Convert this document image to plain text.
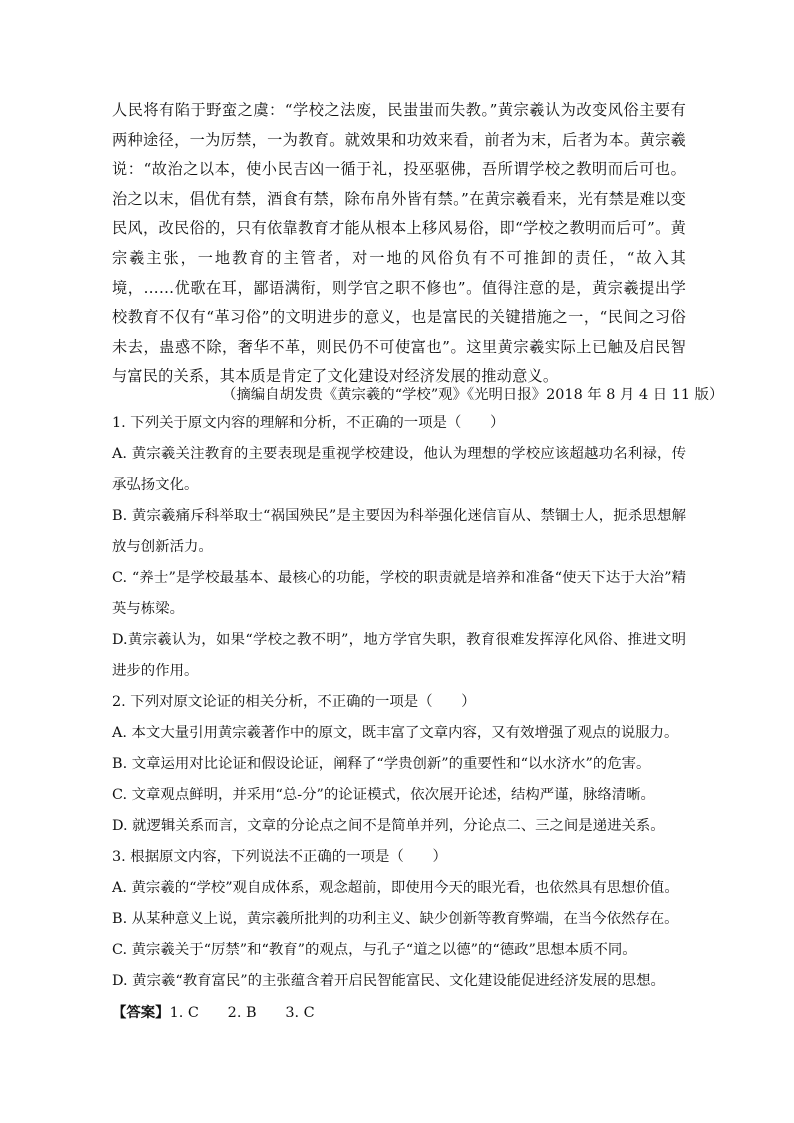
人民将有陷于野蛮之虞：“学校之法废，民蚩蚩而失教。”黄宗羲认为改变风俗主要有两种途径，一为厉禁，一为教育。就效果和功效来看，前者为末，后者为本。黄宗羲说：“故治之以本，使小民吉凶一循于礼，投巫驱佛，吾所谓学校之教明而后可也。治之以末，倡优有禁，酒食有禁，除布帛外皆有禁。”在黄宗羲看来，光有禁是难以变民风，改民俗的，只有依靠教育才能从根本上移风易俗，即“学校之教明而后可”。黄宗羲主张，一地教育的主管者，对一地的风俗负有不可推卸的责任，“故入其境，……优歌在耳，鄙语满衔，则学官之职不修也”。值得注意的是，黄宗羲提出学校教育不仅有“革习俗”的文明进步的意义，也是富民的关键措施之一，“民间之习俗未去，蛊惑不除，奢华不革，则民仍不可使富也”。这里黄宗羲实际上已触及启民智与富民的关系，其本质是肯定了文化建设对经济发展的推动意义。

（摘编自胡发贵《黄宗羲的“学校”观》《光明日报》2018 年 8 月 4 日 11 版）

1. 下列关于原文内容的理解和分析，不正确的一项是（　　）

A. 黄宗羲关注教育的主要表现是重视学校建设，他认为理想的学校应该超越功名利禄，传承弘扬文化。

B. 黄宗羲痛斥科举取士“祸国殃民”是主要因为科举强化迷信盲从、禁锢士人，扼杀思想解放与创新活力。

C. “养士”是学校最基本、最核心的功能，学校的职责就是培养和准备“使天下达于大治”精英与栋梁。

D.黄宗羲认为，如果“学校之教不明”，地方学官失职，教育很难发挥淳化风俗、推进文明进步的作用。

2. 下列对原文论证的相关分析，不正确的一项是（　　）

A. 本文大量引用黄宗羲著作中的原文，既丰富了文章内容，又有效增强了观点的说服力。

B. 文章运用对比论证和假设论证，阐释了“学贵创新”的重要性和“以水济水”的危害。

C. 文章观点鲜明，并采用“总-分”的论证模式，依次展开论述，结构严谨，脉络清晰。

D. 就逻辑关系而言，文章的分论点之间不是简单并列，分论点二、三之间是递进关系。

3. 根据原文内容，下列说法不正确的一项是（　　）

A. 黄宗羲的“学校”观自成体系，观念超前，即使用今天的眼光看，也依然具有思想价值。

B. 从某种意义上说，黄宗羲所批判的功利主义、缺少创新等教育弊端，在当今依然存在。

C. 黄宗羲关于“厉禁”和“教育”的观点，与孔子“道之以德”的“德政”思想本质不同。

D. 黄宗羲“教育富民”的主张蕴含着开启民智能富民、文化建设能促进经济发展的思想。

【答案】1. C　　2. B　　3. C
